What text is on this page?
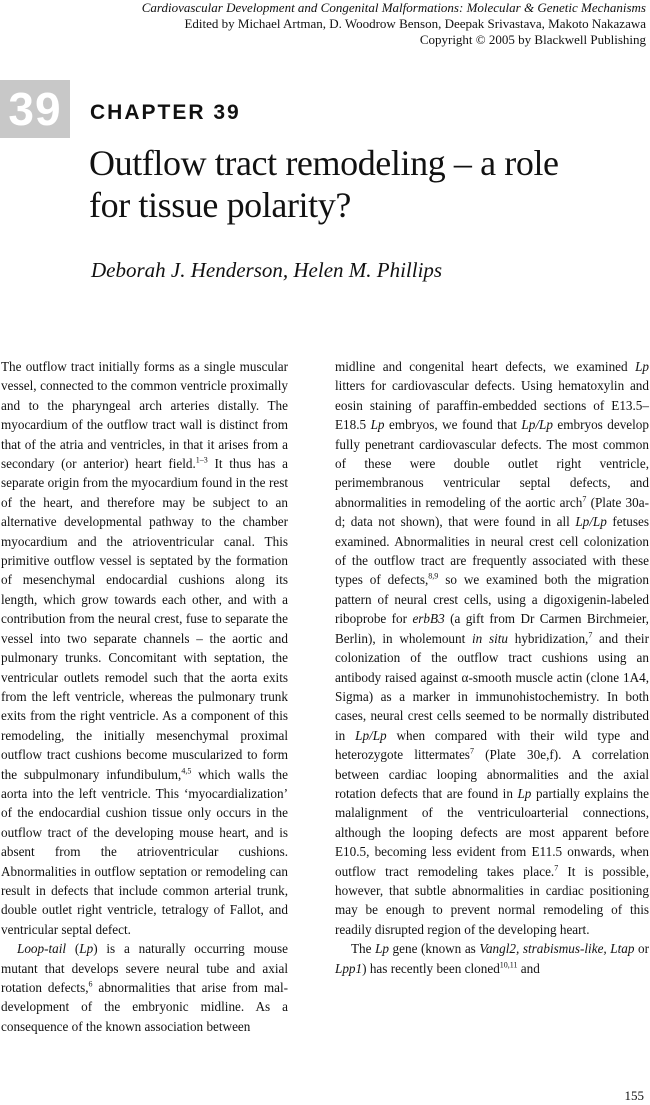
Cardiovascular Development and Congenital Malformations: Molecular & Genetic Mechanisms
Edited by Michael Artman, D. Woodrow Benson, Deepak Srivastava, Makoto Nakazawa
Copyright © 2005 by Blackwell Publishing
39	CHAPTER 39
Outflow tract remodeling – a role
for tissue polarity?
Deborah J. Henderson, Helen M. Phillips

The outflow tract initially forms as a single muscular vessel, connected to the common ventricle proximally and to the pharyngeal arch arteries distally. The myocardium of the outflow tract wall is distinct from that of the atria and ventricles, in that it arises from a secondary (or anterior) heart field.$^{1-3}$ It thus has a separate origin from the myocardium found in the rest of the heart, and therefore may be subject to an alternative developmental pathway to the chamber myocardium and the atrioventricular canal. This primitive outflow vessel is septated by the formation of mesenchymal endocardial cushions along its length, which grow towards each other, and with a contribution from the neural crest, fuse to separate the vessel into two separate channels – the aortic and pulmonary trunks. Concomitant with septation, the ventricular outlets remodel such that the aorta exits from the left ventricle, whereas the pulmonary trunk exits from the right ventricle. As a component of this remodeling, the initially mesenchymal proximal outflow tract cushions become muscularized to form the subpulmonary infundibulum,$^{4,5}$ which walls the aorta into the left ventricle. This ‘myocardialization’ of the endocardial cushion tissue only occurs in the outflow tract of the developing mouse heart, and is absent from the atrioventricular cushions. Abnormalities in outflow septation or remodeling can result in defects that include common arterial trunk, double outlet right ventricle, tetralogy of Fallot, and ventricular septal defect.

Loop-tail (Lp) is a naturally occurring mouse mutant that develops severe neural tube and axial rotation defects,$^6$ abnormalities that arise from mal-development of the embryonic midline. As a consequence of the known association between

midline and congenital heart defects, we examined Lp litters for cardiovascular defects. Using hematoxylin and eosin staining of paraffin-embedded sections of E13.5–E18.5 Lp embryos, we found that Lp/Lp embryos develop fully penetrant cardiovascular defects. The most common of these were double outlet right ventricle, perimembranous ventricular septal defects, and abnormalities in remodeling of the aortic arch$^7$ (Plate 30a-d; data not shown), that were found in all Lp/Lp fetuses examined. Abnormalities in neural crest cell colonization of the outflow tract are frequently associated with these types of defects,$^{8,9}$ so we examined both the migration pattern of neural crest cells, using a digoxigenin-labeled riboprobe for erbB3 (a gift from Dr Carmen Birchmeier, Berlin), in wholemount in situ hybridization,$^7$ and their colonization of the outflow tract cushions using an antibody raised against α-smooth muscle actin (clone 1A4, Sigma) as a marker in immunohistochemistry. In both cases, neural crest cells seemed to be normally distributed in Lp/Lp when compared with their wild type and heterozygote littermates$^7$ (Plate 30e,f). A correlation between cardiac looping abnormalities and the axial rotation defects that are found in Lp partially explains the malalignment of the ventriculoarterial connections, although the looping defects are most apparent before E10.5, becoming less evident from E11.5 onwards, when outflow tract remodeling takes place.$^7$ It is possible, however, that subtle abnormalities in cardiac positioning may be enough to prevent normal remodeling of this readily disrupted region of the developing heart.

The Lp gene (known as Vangl2, strabismus-like, Ltap or Lpp1) has recently been cloned$^{10,11}$ and

155
